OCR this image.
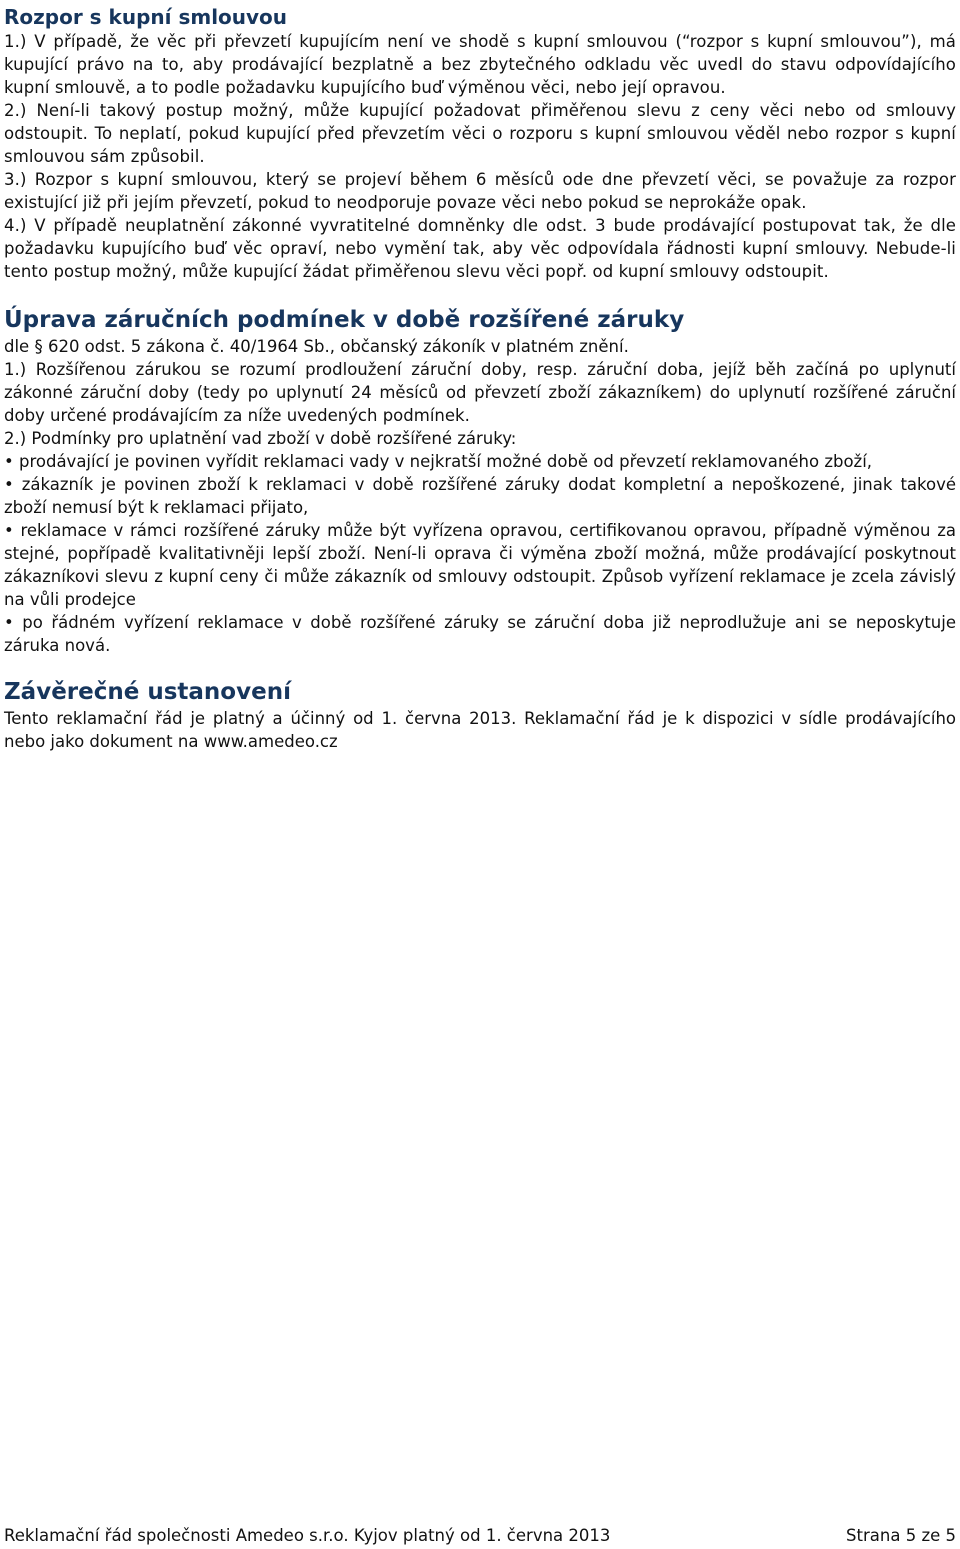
Rozpor s kupní smlouvou

1.) V případě, že věc při převzetí kupujícím není ve shodě s kupní smlouvou (“rozpor s kupní smlouvou”), má kupující právo na to, aby prodávající bezplatně a bez zbytečného odkladu věc uvedl do stavu odpovídajícího kupní smlouvě, a to podle požadavku kupujícího buď výměnou věci, nebo její opravou.

2.) Není-li takový postup možný, může kupující požadovat přiměřenou slevu z ceny věci nebo od smlouvy odstoupit. To neplatí, pokud kupující před převzetím věci o rozporu s kupní smlouvou věděl nebo rozpor s kupní smlouvou sám způsobil.

3.) Rozpor s kupní smlouvou, který se projeví během 6 měsíců ode dne převzetí věci, se považuje za rozpor existující již při jejím převzetí, pokud to neodporuje povaze věci nebo pokud se neprokáže opak.

4.) V případě neuplatnění zákonné vyvratitelné domněnky dle odst. 3 bude prodávající postupovat tak, že dle požadavku kupujícího buď věc opraví, nebo vymění tak, aby věc odpovídala řádnosti kupní smlouvy. Nebude-li tento postup možný, může kupující žádat přiměřenou slevu věci popř. od kupní smlouvy odstoupit.

Úprava záručních podmínek v době rozšířené záruky

dle § 620 odst. 5 zákona č. 40/1964 Sb., občanský zákoník v platném znění.

1.) Rozšířenou zárukou se rozumí prodloužení záruční doby, resp. záruční doba, jejíž běh začíná po uplynutí zákonné záruční doby (tedy po uplynutí 24 měsíců od převzetí zboží zákazníkem) do uplynutí rozšířené záruční doby určené prodávajícím za níže uvedených podmínek.

2.) Podmínky pro uplatnění vad zboží v době rozšířené záruky:

• prodávající je povinen vyřídit reklamaci vady v nejkratší možné době od převzetí reklamovaného zboží,

• zákazník je povinen zboží k reklamaci v době rozšířené záruky dodat kompletní a nepoškozené, jinak takové zboží nemusí být k reklamaci přijato,

• reklamace v rámci rozšířené záruky může být vyřízena opravou, certifikovanou opravou, případně výměnou za stejné, popřípadě kvalitativněji lepší zboží. Není-li oprava či výměna zboží možná, může prodávající poskytnout zákazníkovi slevu z kupní ceny či může zákazník od smlouvy odstoupit. Způsob vyřízení reklamace je zcela závislý na vůli prodejce

• po řádném vyřízení reklamace v době rozšířené záruky se záruční doba již neprodlužuje ani se neposkytuje záruka nová.

Závěrečné ustanovení

Tento reklamační řád je platný a účinný od 1. června 2013. Reklamační řád je k dispozici v sídle prodávajícího nebo jako dokument na www.amedeo.cz

Reklamační řád společnosti Amedeo s.r.o. Kyjov platný od 1. června 2013	Strana 5 ze 5
